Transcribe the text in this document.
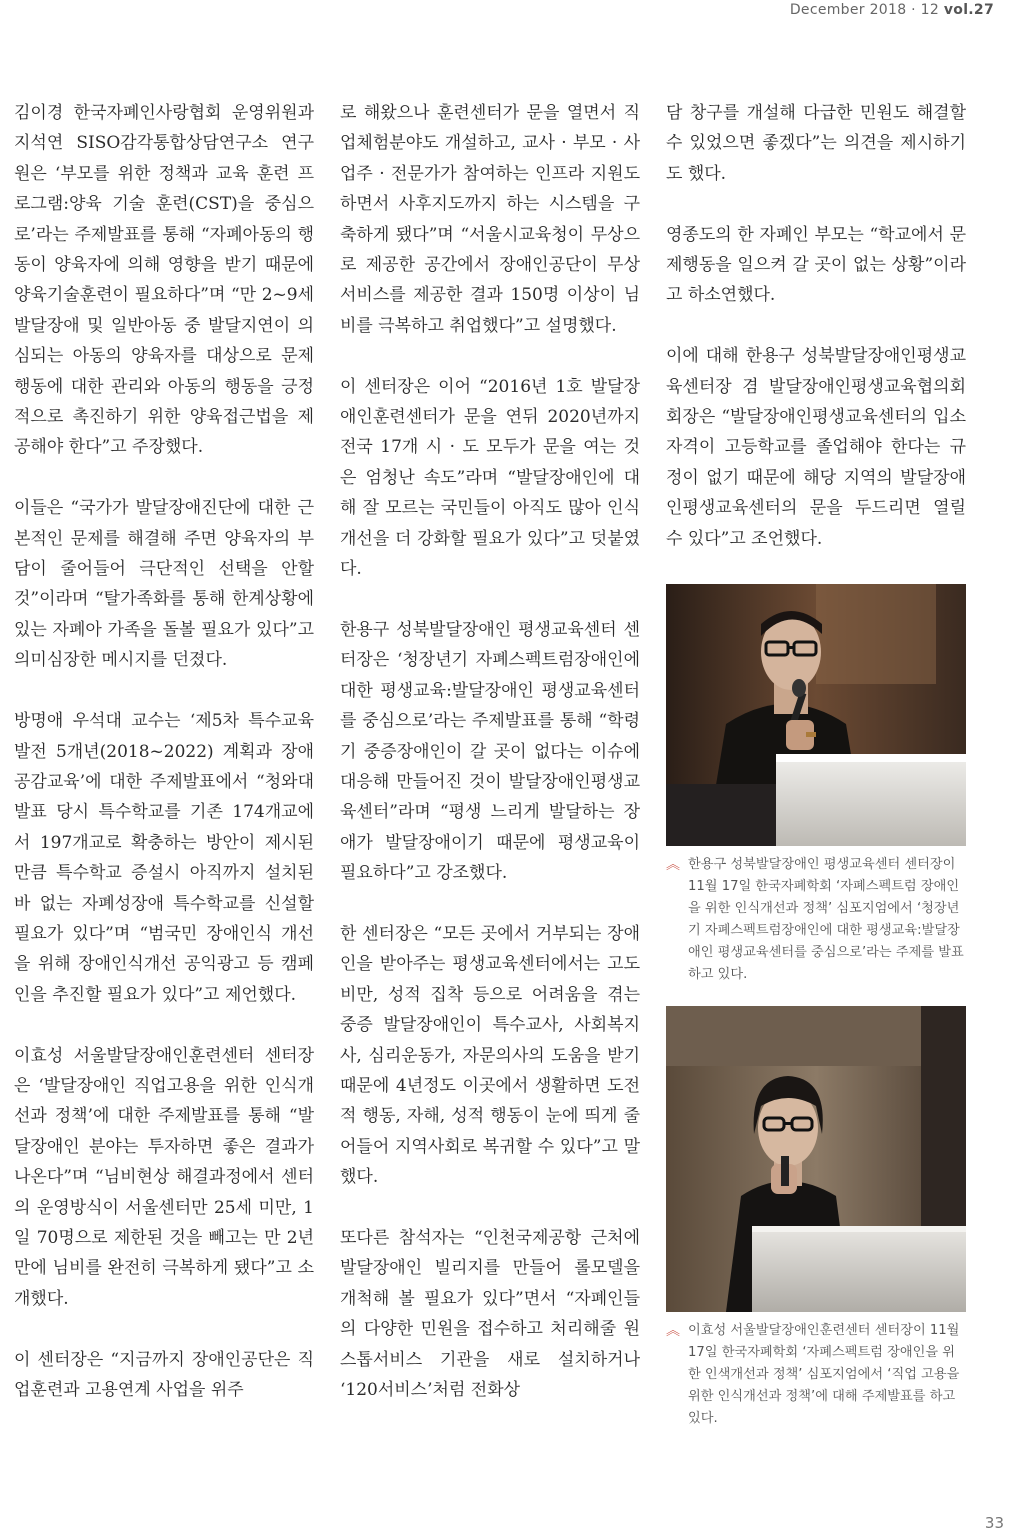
December 2018 · 12 vol.27

김이경 한국자폐인사랑협회 운영위원과 지석연 SISO감각통합상담연구소 연구원은 ‘부모를 위한 정책과 교육 훈련 프로그램:양육 기술 훈련(CST)을 중심으로’라는 주제발표를 통해 “자폐아동의 행동이 양육자에 의해 영향을 받기 때문에 양육기술훈련이 필요하다”며 “만 2~9세 발달장애 및 일반아동 중 발달지연이 의심되는 아동의 양육자를 대상으로 문제행동에 대한 관리와 아동의 행동을 긍정적으로 촉진하기 위한 양육접근법을 제공해야 한다”고 주장했다.

이들은 “국가가 발달장애진단에 대한 근본적인 문제를 해결해 주면 양육자의 부담이 줄어들어 극단적인 선택을 안할 것”이라며 “탈가족화를 통해 한계상황에 있는 자폐아 가족을 돌볼 필요가 있다”고 의미심장한 메시지를 던졌다.

방명애 우석대 교수는 ‘제5차 특수교육발전 5개년(2018~2022) 계획과 장애공감교육’에 대한 주제발표에서 “청와대 발표 당시 특수학교를 기존 174개교에서 197개교로 확충하는 방안이 제시된만큼 특수학교 증설시 아직까지 설치된 바 없는 자폐성장애 특수학교를 신설할 필요가 있다”며 “범국민 장애인식 개선을 위해 장애인식개선 공익광고 등 캠페인을 추진할 필요가 있다”고 제언했다.

이효성 서울발달장애인훈련센터 센터장은 ‘발달장애인 직업고용을 위한 인식개선과 정책’에 대한 주제발표를 통해 “발달장애인 분야는 투자하면 좋은 결과가 나온다”며 “님비현상 해결과정에서 센터의 운영방식이 서울센터만 25세 미만, 1일 70명으로 제한된 것을 빼고는 만 2년만에 님비를 완전히 극복하게 됐다”고 소개했다.

이 센터장은 “지금까지 장애인공단은 직업훈련과 고용연계 사업을 위주

로 해왔으나 훈련센터가 문을 열면서 직업체험분야도 개설하고, 교사 · 부모 · 사업주 · 전문가가 참여하는 인프라 지원도 하면서 사후지도까지 하는 시스템을 구축하게 됐다”며 “서울시교육청이 무상으로 제공한 공간에서 장애인공단이 무상서비스를 제공한 결과 150명 이상이 님비를 극복하고 취업했다”고 설명했다.

이 센터장은 이어 “2016년 1호 발달장애인훈련센터가 문을 연뒤 2020년까지 전국 17개 시 · 도 모두가 문을 여는 것은 엄청난 속도”라며 “발달장애인에 대해 잘 모르는 국민들이 아직도 많아 인식개선을 더 강화할 필요가 있다”고 덧붙였다.

한용구 성북발달장애인 평생교육센터 센터장은 ‘청장년기 자폐스펙트럼장애인에 대한 평생교육:발달장애인 평생교육센터를 중심으로’라는 주제발표를 통해 “학령기 중증장애인이 갈 곳이 없다는 이슈에 대응해 만들어진 것이 발달장애인평생교육센터”라며 “평생 느리게 발달하는 장애가 발달장애이기 때문에 평생교육이 필요하다”고 강조했다.

한 센터장은 “모든 곳에서 거부되는 장애인을 받아주는 평생교육센터에서는 고도비만, 성적 집착 등으로 어려움을 겪는 중증 발달장애인이 특수교사, 사회복지사, 심리운동가, 자문의사의 도움을 받기 때문에 4년정도 이곳에서 생활하면 도전적 행동, 자해, 성적 행동이 눈에 띄게 줄어들어 지역사회로 복귀할 수 있다”고 말했다.

또다른 참석자는 “인천국제공항 근처에 발달장애인 빌리지를 만들어 롤모델을 개척해 볼 필요가 있다”면서 “자폐인들의 다양한 민원을 접수하고 처리해줄 원스톱서비스 기관을 새로 설치하거나 ‘120서비스’처럼 전화상

담 창구를 개설해 다급한 민원도 해결할 수 있었으면 좋겠다”는 의견을 제시하기도 했다.

영종도의 한 자폐인 부모는 “학교에서 문제행동을 일으켜 갈 곳이 없는 상황”이라고 하소연했다.

이에 대해 한용구 성북발달장애인평생교육센터장 겸 발달장애인평생교육협의회 회장은 “발달장애인평생교육센터의 입소자격이 고등학교를 졸업해야 한다는 규정이 없기 때문에 해당 지역의 발달장애인평생교육센터의 문을 두드리면 열릴 수 있다”고 조언했다.

︽ 한용구 성북발달장애인 평생교육센터 센터장이 11월 17일 한국자폐학회 ‘자폐스펙트럼 장애인을 위한 인식개선과 정책’ 심포지엄에서 ‘청장년기 자폐스펙트럼장애인에 대한 평생교육:발달장애인 평생교육센터를 중심으로’라는 주제를 발표하고 있다.
︽ 이효성 서울발달장애인훈련센터 센터장이 11월 17일 한국자폐학회 ‘자폐스펙트럼 장애인을 위한 인색개선과 정책’ 심포지엄에서 ‘직업 고용을 위한 인식개선과 정책’에 대해 주제발표를 하고 있다.
33
